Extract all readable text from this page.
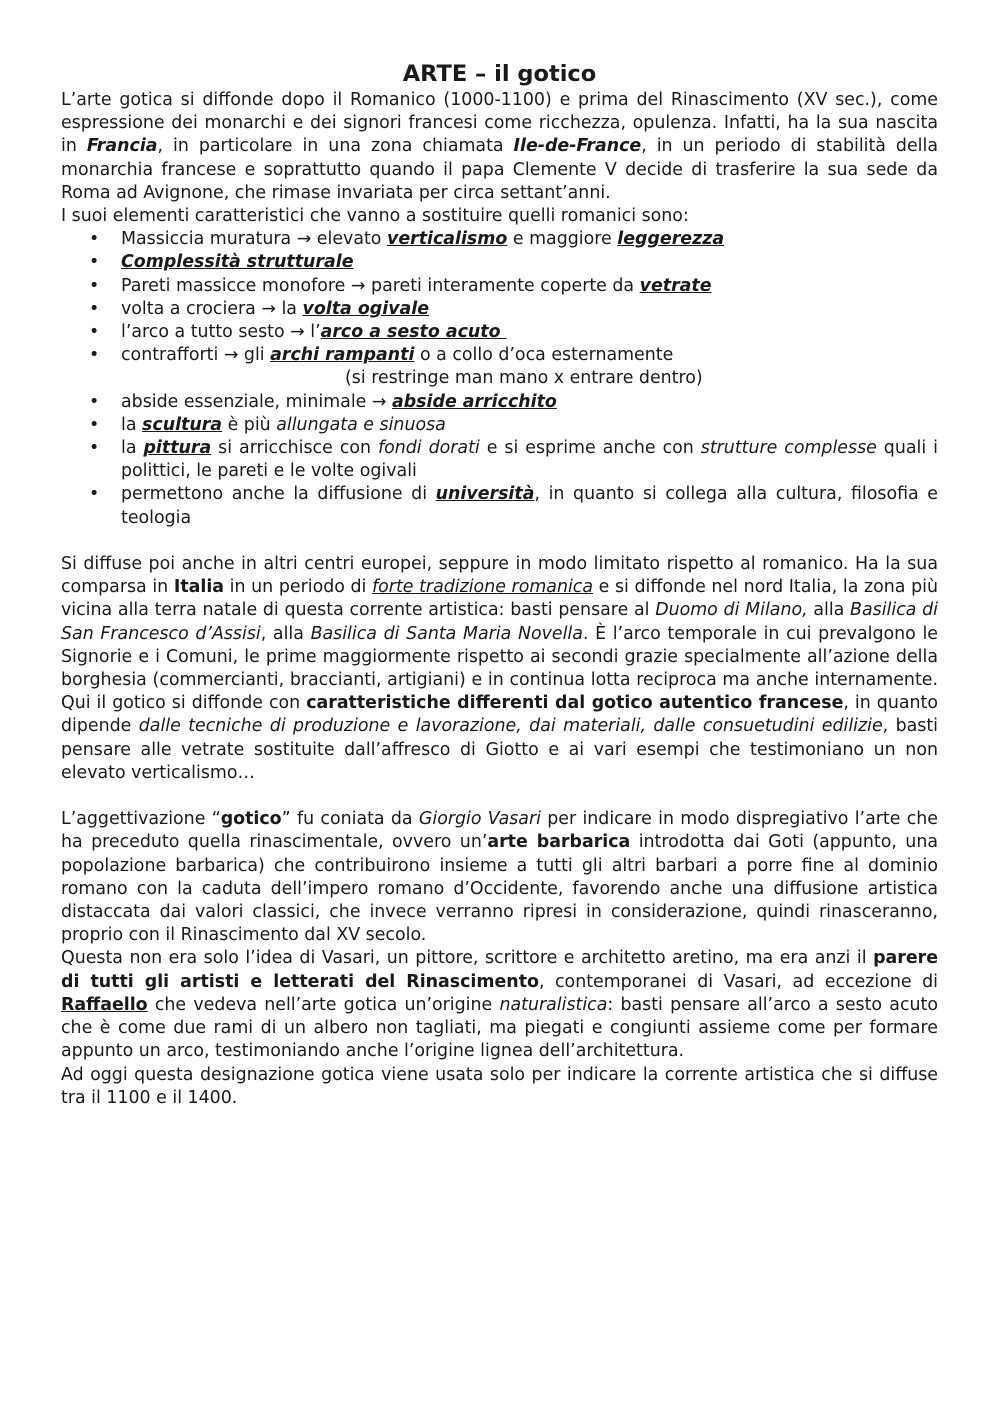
ARTE – il gotico

L’arte gotica si diffonde dopo il Romanico (1000-1100) e prima del Rinascimento (XV sec.), come espressione dei monarchi e dei signori francesi come ricchezza, opulenza. Infatti, ha la sua nascita in Francia, in particolare in una zona chiamata Ile-de-France, in un periodo di stabilità della monarchia francese e soprattutto quando il papa Clemente V decide di trasferire la sua sede da Roma ad Avignone, che rimase invariata per circa settant’anni.

I suoi elementi caratteristici che vanno a sostituire quelli romanici sono:

• Massiccia muratura → elevato verticalismo e maggiore leggerezza
• Complessità strutturale
• Pareti massicce monofore → pareti interamente coperte da vetrate
• volta a crociera → la volta ogivale
• l’arco a tutto sesto → l’arco a sesto acuto
• contrafforti → gli archi rampanti o a collo d’oca esternamente
(si restringe man mano x entrare dentro)
• abside essenziale, minimale → abside arricchito
• la scultura è più allungata e sinuosa
• la pittura si arricchisce con fondi dorati e si esprime anche con strutture complesse quali i polittici, le pareti e le volte ogivali
• permettono anche la diffusione di università, in quanto si collega alla cultura, filosofia e teologia

Si diffuse poi anche in altri centri europei, seppure in modo limitato rispetto al romanico. Ha la sua comparsa in Italia in un periodo di forte tradizione romanica e si diffonde nel nord Italia, la zona più vicina alla terra natale di questa corrente artistica: basti pensare al Duomo di Milano, alla Basilica di San Francesco d’Assisi, alla Basilica di Santa Maria Novella. È l’arco temporale in cui prevalgono le Signorie e i Comuni, le prime maggiormente rispetto ai secondi grazie specialmente all’azione della borghesia (commercianti, braccianti, artigiani) e in continua lotta reciproca ma anche internamente. Qui il gotico si diffonde con caratteristiche differenti dal gotico autentico francese, in quanto dipende dalle tecniche di produzione e lavorazione, dai materiali, dalle consuetudini edilizie, basti pensare alle vetrate sostituite dall’affresco di Giotto e ai vari esempi che testimoniano un non elevato verticalismo…

L’aggettivazione “gotico” fu coniata da Giorgio Vasari per indicare in modo dispregiativo l’arte che ha preceduto quella rinascimentale, ovvero un’arte barbarica introdotta dai Goti (appunto, una popolazione barbarica) che contribuirono insieme a tutti gli altri barbari a porre fine al dominio romano con la caduta dell’impero romano d’Occidente, favorendo anche una diffusione artistica distaccata dai valori classici, che invece verranno ripresi in considerazione, quindi rinasceranno, proprio con il Rinascimento dal XV secolo.

Questa non era solo l’idea di Vasari, un pittore, scrittore e architetto aretino, ma era anzi il parere di tutti gli artisti e letterati del Rinascimento, contemporanei di Vasari, ad eccezione di Raffaello che vedeva nell’arte gotica un’origine naturalistica: basti pensare all’arco a sesto acuto che è come due rami di un albero non tagliati, ma piegati e congiunti assieme come per formare appunto un arco, testimoniando anche l’origine lignea dell’architettura.

Ad oggi questa designazione gotica viene usata solo per indicare la corrente artistica che si diffuse tra il 1100 e il 1400.
